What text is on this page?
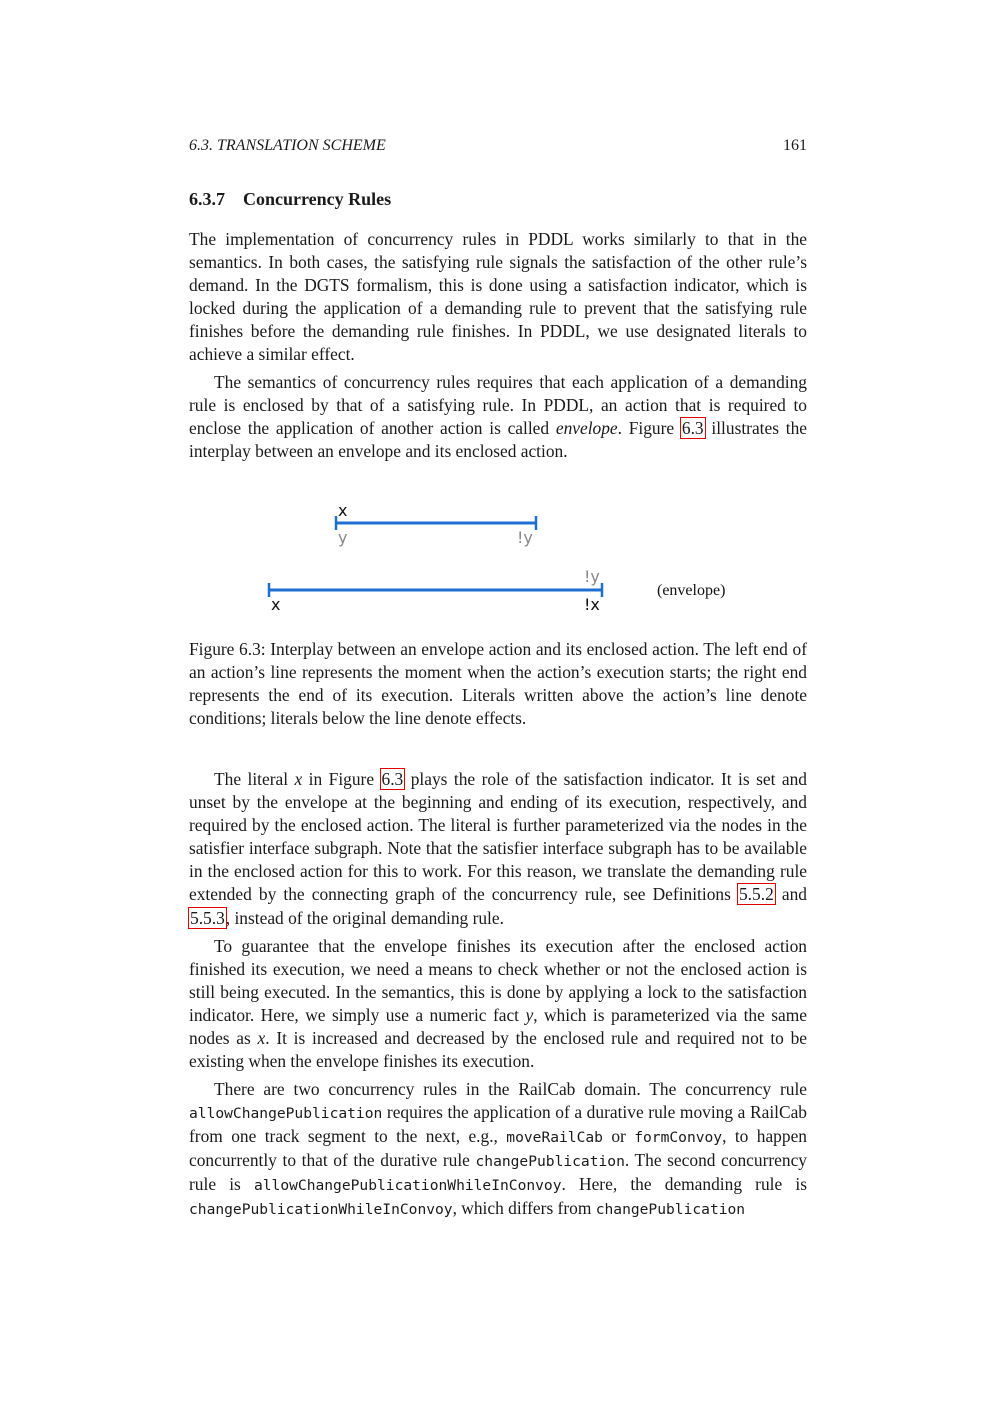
6.3. TRANSLATION SCHEME	161
6.3.7 Concurrency Rules

The implementation of concurrency rules in PDDL works similarly to that in the semantics. In both cases, the satisfying rule signals the satisfaction of the other rule’s demand. In the DGTS formalism, this is done using a satisfaction indicator, which is locked during the application of a demanding rule to prevent that the satisfying rule finishes before the demanding rule finishes. In PDDL, we use designated literals to achieve a similar effect.

The semantics of concurrency rules requires that each application of a demanding rule is enclosed by that of a satisfying rule. In PDDL, an action that is required to enclose the application of another action is called envelope. Figure 6.3 illustrates the interplay between an envelope and its enclosed action.

Figure 6.3: Interplay between an envelope action and its enclosed action. The left end of an action’s line represents the moment when the action’s execution starts; the right end represents the end of its execution. Literals written above the action’s line denote conditions; literals below the line denote effects.

The literal x in Figure 6.3 plays the role of the satisfaction indicator. It is set and unset by the envelope at the beginning and ending of its execution, respectively, and required by the enclosed action. The literal is further parameterized via the nodes in the satisfier interface subgraph. Note that the satisfier interface subgraph has to be available in the enclosed action for this to work. For this reason, we translate the demanding rule extended by the connecting graph of the concurrency rule, see Definitions 5.5.2 and 5.5.3, instead of the original demanding rule.

To guarantee that the envelope finishes its execution after the enclosed action finished its execution, we need a means to check whether or not the enclosed action is still being executed. In the semantics, this is done by applying a lock to the satisfaction indicator. Here, we simply use a numeric fact y, which is parameterized via the same nodes as x. It is increased and decreased by the enclosed rule and required not to be existing when the envelope finishes its execution.

There are two concurrency rules in the RailCab domain. The concurrency rule allowChangePublication requires the application of a durative rule moving a RailCab from one track segment to the next, e.g., moveRailCab or formConvoy, to happen concurrently to that of the durative rule changePublication. The second concurrency rule is allowChangePublicationWhileInConvoy. Here, the demanding rule is changePublicationWhileInConvoy, which differs from changePublication

x
y	!y
!y
x	!x
(envelope)
